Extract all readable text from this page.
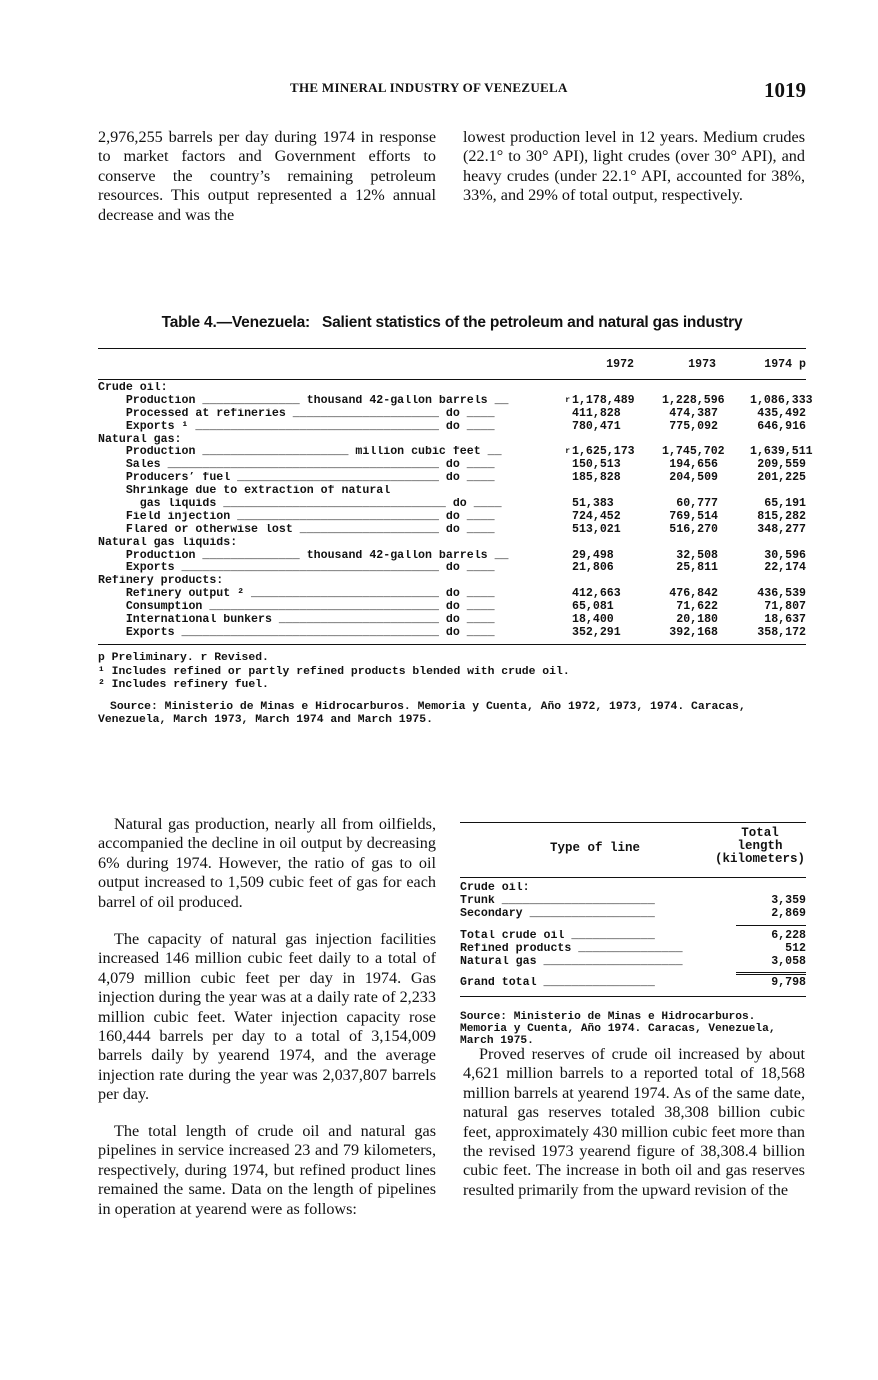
THE MINERAL INDUSTRY OF VENEZUELA	1019
2,976,255 barrels per day during 1974 in response to market factors and Government efforts to conserve the country’s remaining petroleum resources. This output represented a 12% annual decrease and was the
lowest production level in 12 years. Medium crudes (22.1° to 30° API), light crudes (over 30° API), and heavy crudes (under 22.1° API, accounted for 38%, 33%, and 29% of total output, respectively.
Table 4.—Venezuela: Salient statistics of the petroleum and natural gas industry
1972	1973	1974 p
Crude oil:
Production ______________ thousand 42-gallon barrels __	$^r$ 1,178,489	1,228,596	1,086,333
Processed at refineries _____________________ do ____	411,828	474,387	435,492
Exports ¹ ___________________________________ do ____	780,471	775,092	646,916
Natural gas:
Production _____________________ million cubic feet __	$^r$ 1,625,173	1,745,702	1,639,511
Sales _______________________________________ do ____	150,513	194,656	209,559
Producers’ fuel _____________________________ do ____	185,828	204,509	201,225
Shrinkage due to extraction of natural
gas liquids ________________________________ do ____	51,383	60,777	65,191
Field injection _____________________________ do ____	724,452	769,514	815,282
Flared or otherwise lost ____________________ do ____	513,021	516,270	348,277
Natural gas liquids:
Production ______________ thousand 42-gallon barrels __	29,498	32,508	30,596
Exports _____________________________________ do ____	21,806	25,811	22,174
Refinery products:
Refinery output ² ___________________________ do ____	412,663	476,842	436,539
Consumption _________________________________ do ____	65,081	71,622	71,807
International bunkers _______________________ do ____	18,400	20,180	18,637
Exports _____________________________________ do ____	352,291	392,168	358,172
p Preliminary. r Revised.
¹ Includes refined or partly refined products blended with crude oil.
² Includes refinery fuel.
Source: Ministerio de Minas e Hidrocarburos. Memoria y Cuenta, Año 1972, 1973, 1974. Caracas, Venezuela, March 1973, March 1974 and March 1975.
Natural gas production, nearly all from oilfields, accompanied the decline in oil output by decreasing 6% during 1974. However, the ratio of gas to oil output increased to 1,509 cubic feet of gas for each barrel of oil produced.
The capacity of natural gas injection facilities increased 146 million cubic feet daily to a total of 4,079 million cubic feet per day in 1974. Gas injection during the year was at a daily rate of 2,233 million cubic feet. Water injection capacity rose 160,444 barrels per day to a total of 3,154,009 barrels daily by yearend 1974, and the average injection rate during the year was 2,037,807 barrels per day.
The total length of crude oil and natural gas pipelines in service increased 23 and 79 kilometers, respectively, during 1974, but refined product lines remained the same. Data on the length of pipelines in operation at yearend were as follows:
Type of line
Total
length
(kilometers)
Crude oil:
Trunk ______________________	3,359
Secondary __________________	2,869
Total crude oil ____________	6,228
Refined products _______________	512
Natural gas ____________________	3,058
Grand total ________________	9,798
Source: Ministerio de Minas e Hidrocarburos. Memoria y Cuenta, Año 1974. Caracas, Venezuela, March 1975.
Proved reserves of crude oil increased by about 4,621 million barrels to a reported total of 18,568 million barrels at yearend 1974. As of the same date, natural gas reserves totaled 38,308 billion cubic feet, approximately 430 million cubic feet more than the revised 1973 yearend figure of 38,308.4 billion cubic feet. The increase in both oil and gas reserves resulted primarily from the upward revision of the
